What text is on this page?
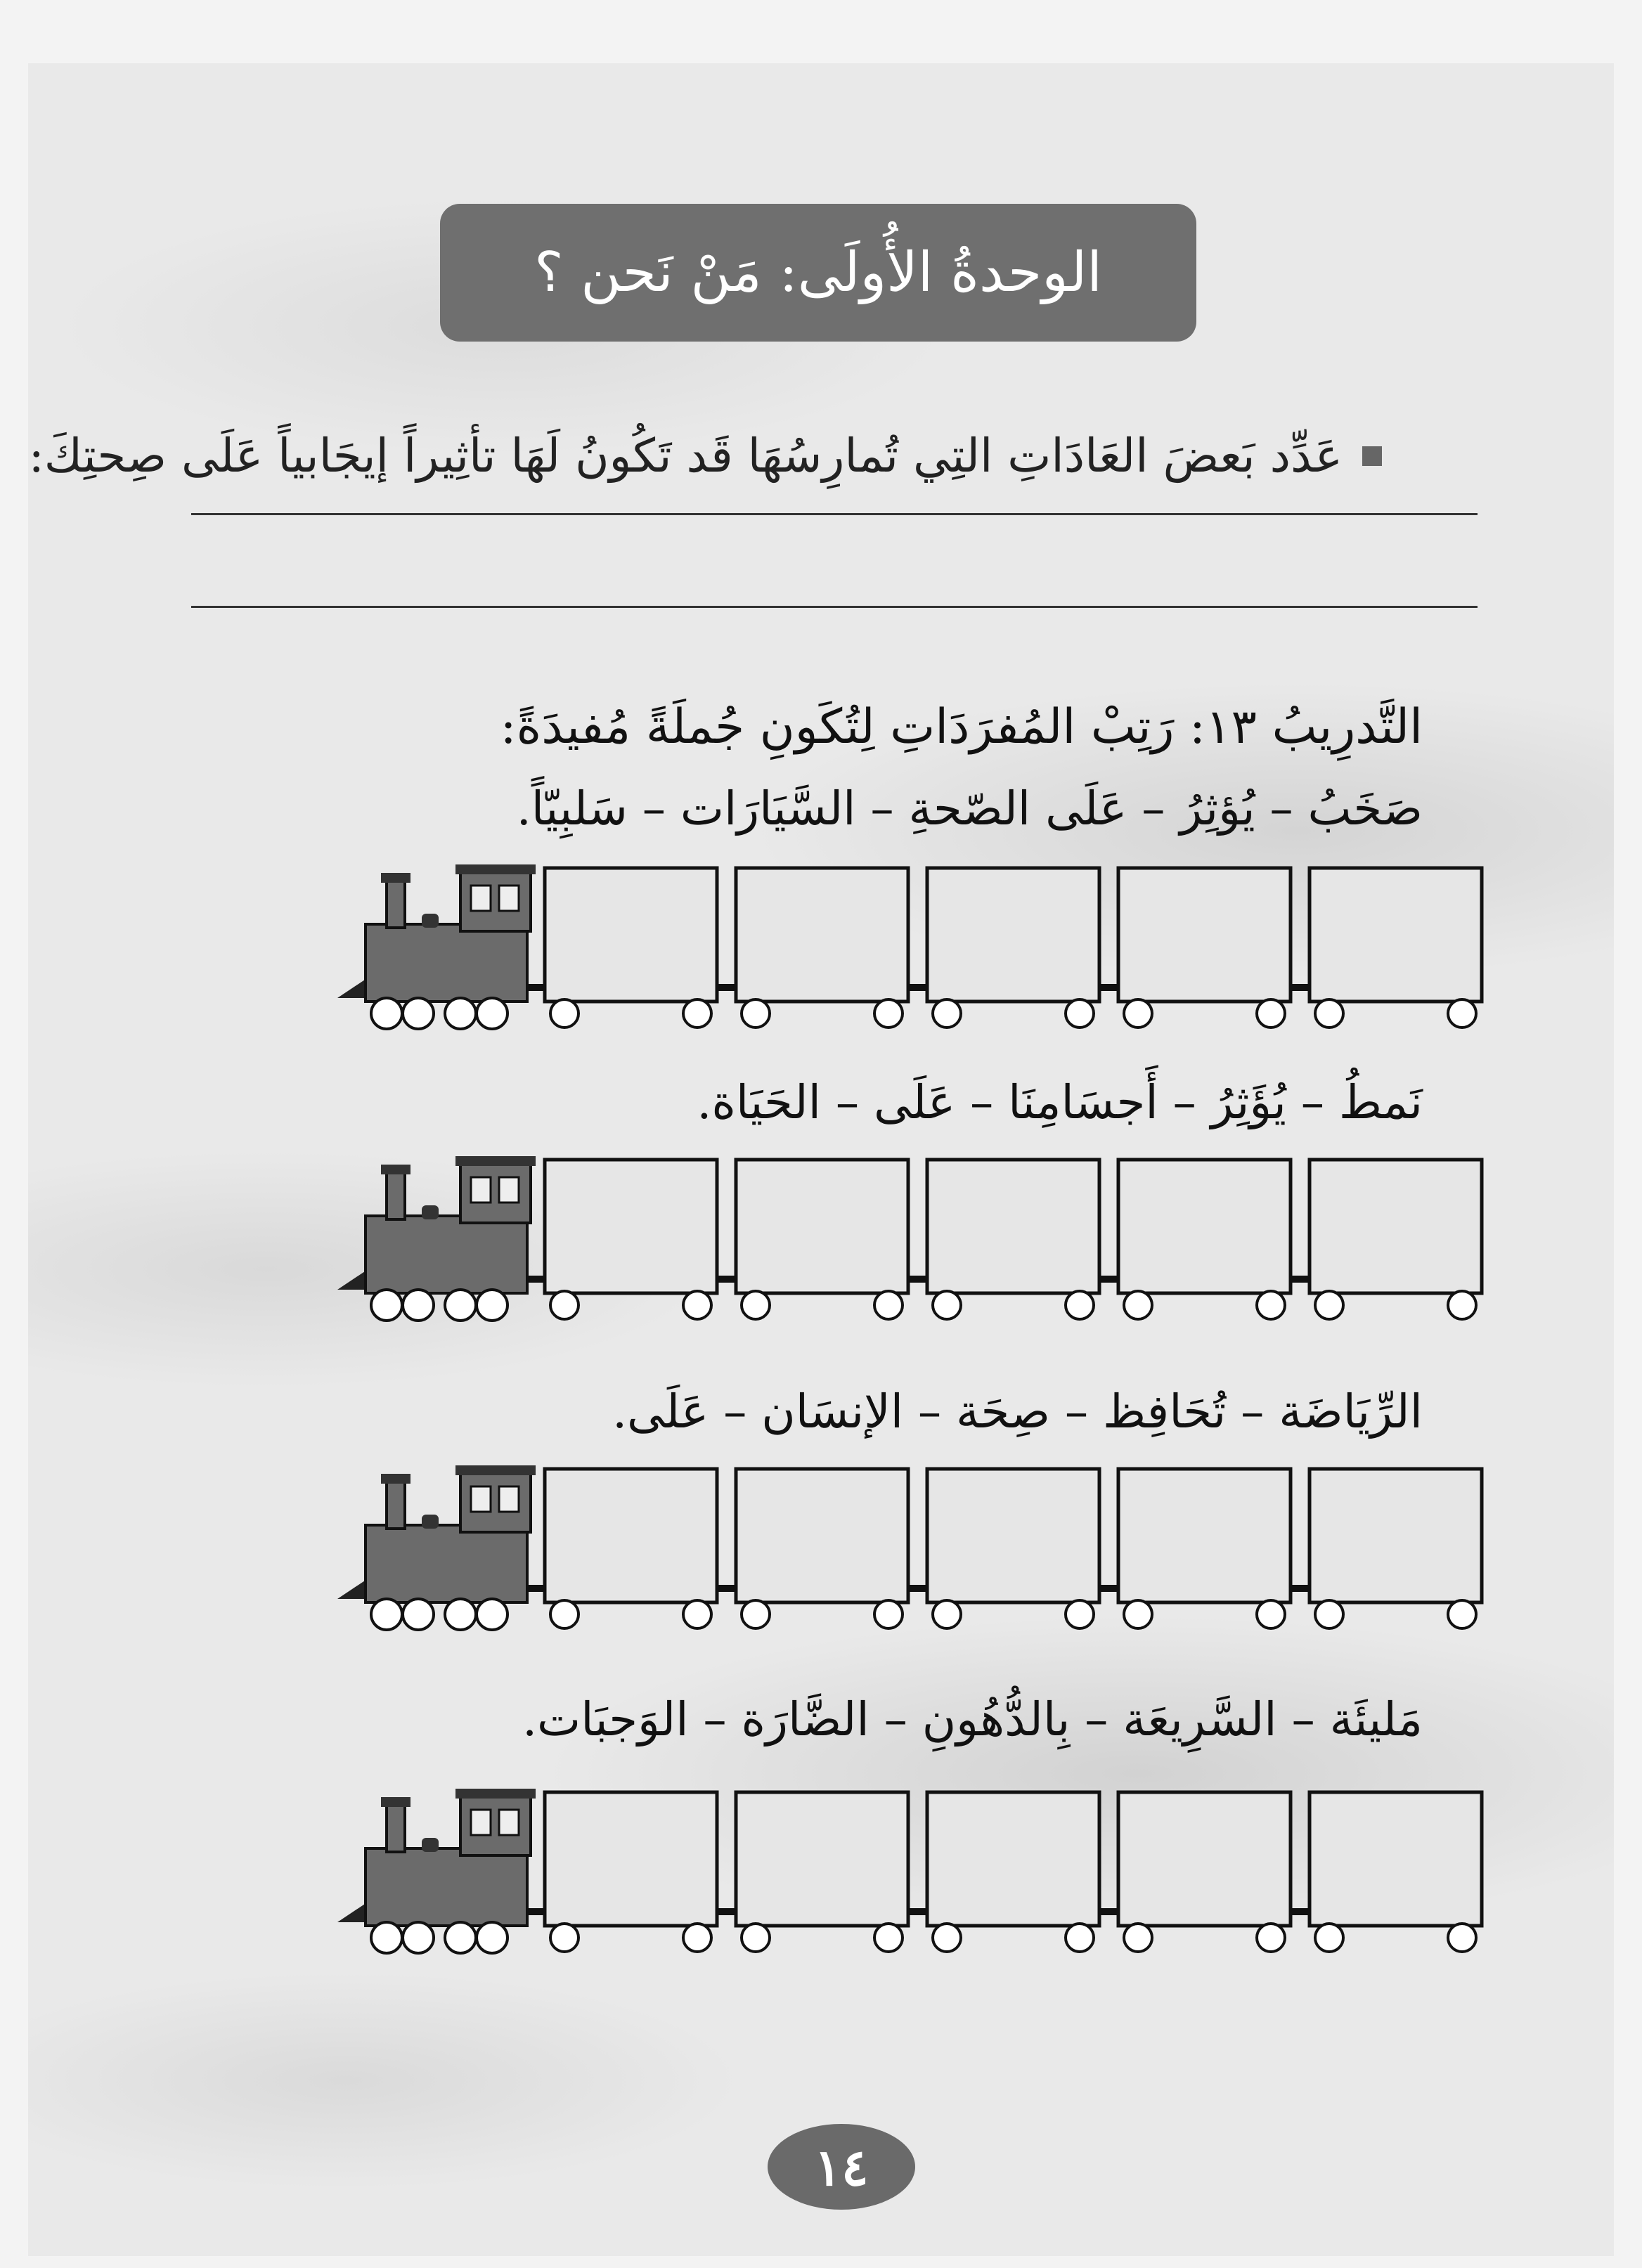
الوحدةُ الأُولَى: مَنْ نَحن ؟
عَدِّد بَعضَ العَادَاتِ التِي تُمارِسُهَا قَد تَكُونُ لَهَا تأثِيراً إيجَابياً عَلَى صِحتِكَ:
التَّدرِيبُ ١٣: رَتِبْ المُفرَدَاتِ لِتُكَونِ جُملَةً مُفيدَةً:
صَخَبُ – يُؤثِرُ – عَلَى الصّحةِ – السَّيَارَات – سَلبِيّاً.
نَمطُ – يُؤَثِرُ – أَجسَامِنَا – عَلَى – الحَيَاة.
الرِّيَاضَة – تُحَافِظ – صِحَة – الإنسَان – عَلَى.
مَليئَة – السَّرِيعَة – بِالدُّهُونِ – الضَّارَة – الوَجبَات.
١٤
